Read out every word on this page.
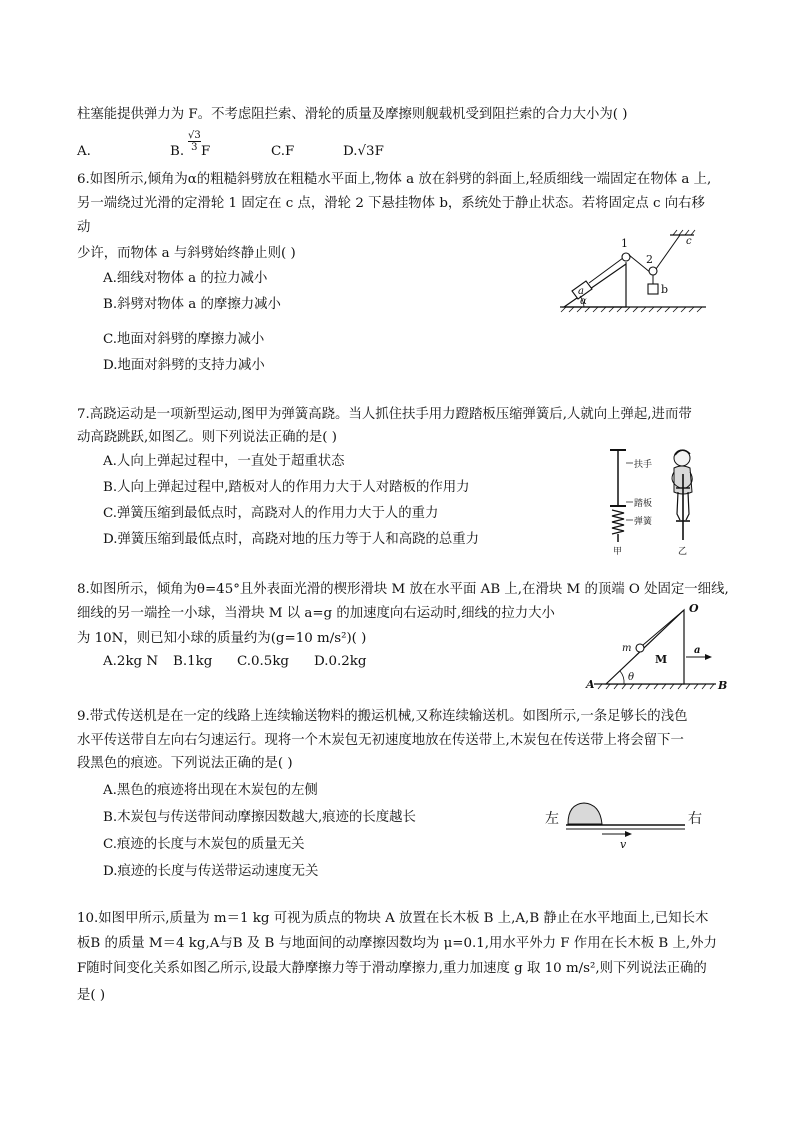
柱塞能提供弹力为 F。不考虑阻拦索、滑轮的质量及摩擦则舰载机受到阻拦索的合力大小为( )
A.	B. $\frac{√3}{3}$ F	C.F	D.√3F
6.如图所示,倾角为α的粗糙斜劈放在粗糙水平面上,物体 a 放在斜劈的斜面上,轻质细线一端固定在物体 a 上,
另一端绕过光滑的定滑轮 1 固定在 c 点，滑轮 2 下悬挂物体 b，系统处于静止状态。若将固定点 c 向右移
动
少许，而物体 a 与斜劈始终静止则( )
A.细线对物体 a 的拉力减小
B.斜劈对物体 a 的摩擦力减小
C.地面对斜劈的摩擦力减小
D.地面对斜劈的支持力减小
a
α
1
2
c
b
7.高跷运动是一项新型运动,图甲为弹簧高跷。当人抓住扶手用力蹬踏板压缩弹簧后,人就向上弹起,进而带
动高跷跳跃,如图乙。则下列说法正确的是( )
A.人向上弹起过程中，一直处于超重状态
B.人向上弹起过程中,踏板对人的作用力大于人对踏板的作用力
C.弹簧压缩到最低点时，高跷对人的作用力大于人的重力
D.弹簧压缩到最低点时，高跷对地的压力等于人和高跷的总重力
扶手
踏板
弹簧
甲	乙
8.如图所示，倾角为θ=45°且外表面光滑的楔形滑块 M 放在水平面 AB 上,在滑块 M 的顶端 O 处固定一细线,
细线的另一端拴一小球，当滑块 M 以 a=g 的加速度向右运动时,细线的拉力大小
为 10N，则已知小球的质量约为(g=10 m/s²)( )
A.2kg N B.1kg C.0.5kg D.0.2kg
A	B
O
m
M
θ
a
9.带式传送机是在一定的线路上连续输送物料的搬运机械,又称连续输送机。如图所示,一条足够长的浅色
水平传送带自左向右匀速运行。现将一个木炭包无初速度地放在传送带上,木炭包在传送带上将会留下一
段黑色的痕迹。下列说法正确的是( )
A.黑色的痕迹将出现在木炭包的左侧
B.木炭包与传送带间动摩擦因数越大,痕迹的长度越长
C.痕迹的长度与木炭包的质量无关
D.痕迹的长度与传送带运动速度无关
左	右
v
10.如图甲所示,质量为 m＝1 kg 可视为质点的物块 A 放置在长木板 B 上,A,B 静止在水平地面上,已知长木
板B 的质量 M＝4 kg,A与B 及 B 与地面间的动摩擦因数均为 μ=0.1,用水平外力 F 作用在长木板 B 上,外力
F随时间变化关系如图乙所示,设最大静摩擦力等于滑动摩擦力,重力加速度 g 取 10 m/s²,则下列说法正确的
是( )
